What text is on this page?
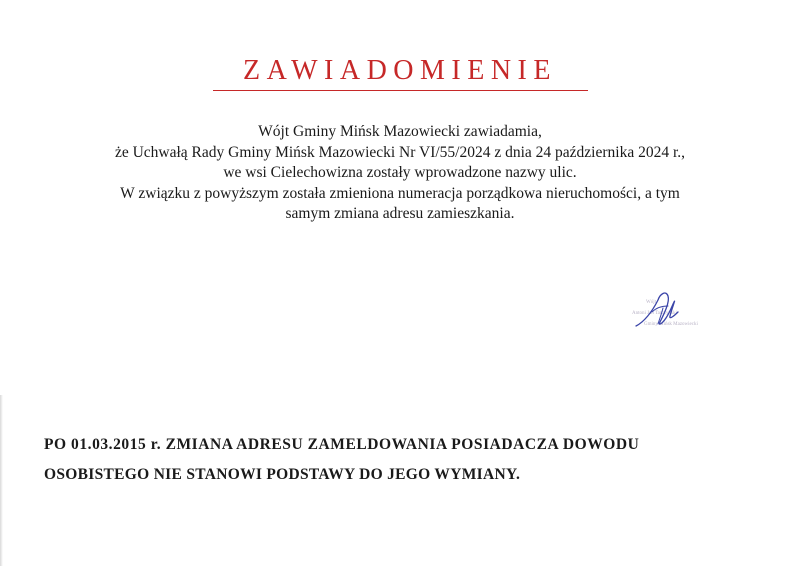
ZAWIADOMIENIE
Wójt Gminy Mińsk Mazowiecki zawiadamia,
że Uchwałą Rady Gminy Mińsk Mazowiecki Nr VI/55/2024 z dnia 24 października 2024 r.,
we wsi Cielechowizna zostały wprowadzone nazwy ulic.
W związku z powyższym została zmieniona numeracja porządkowa nieruchomości, a tym
samym zmiana adresu zamieszkania.
Wójt
Antoni Jan Tarczyński
Gminy Mińsk Mazowiecki
PO 01.03.2015 r. ZMIANA ADRESU ZAMELDOWANIA POSIADACZA DOWODU
OSOBISTEGO NIE STANOWI PODSTAWY DO JEGO WYMIANY.
